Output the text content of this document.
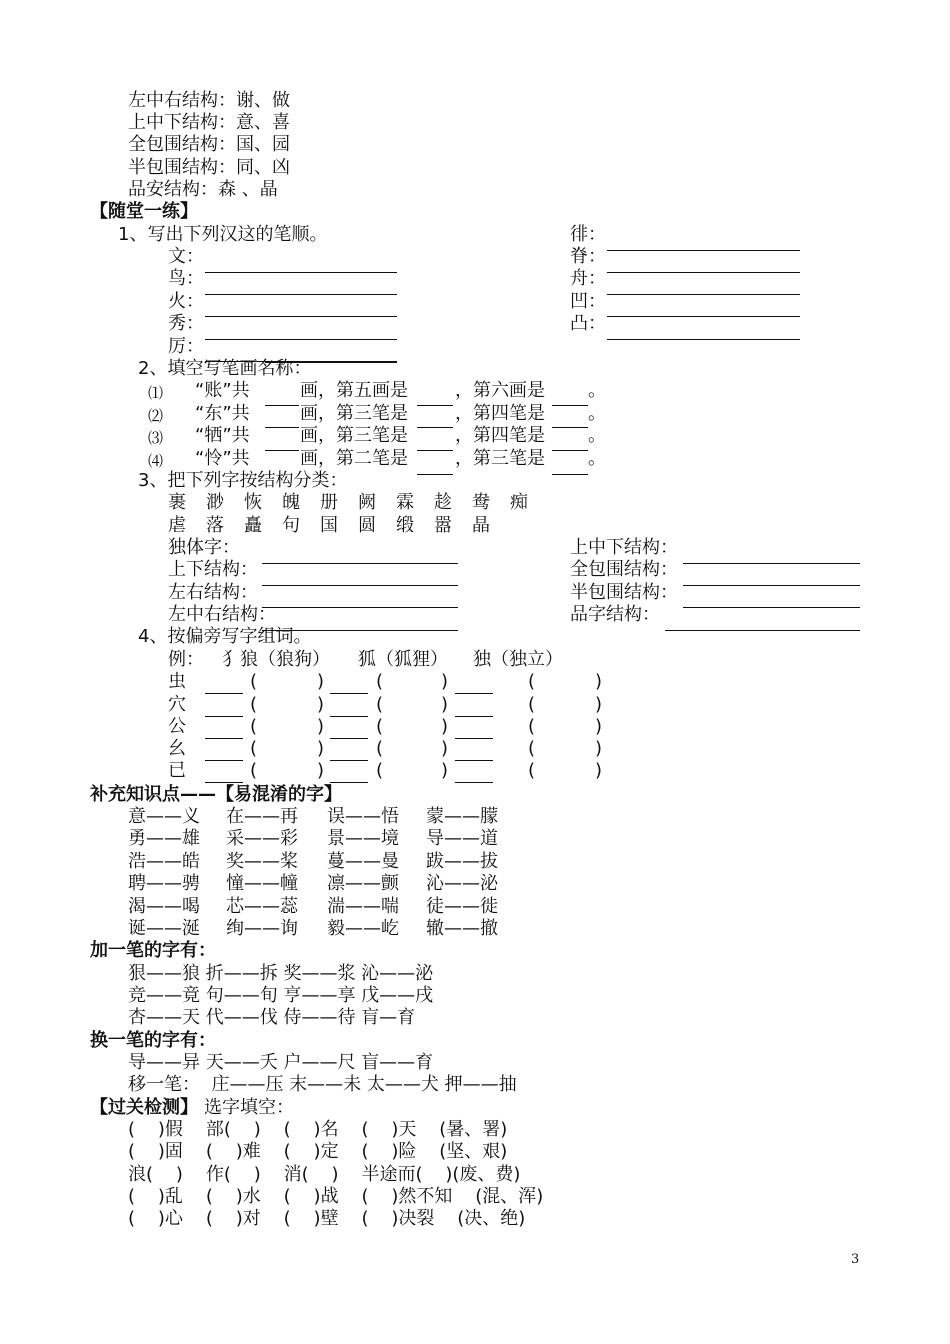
左中右结构：谢、做
上中下结构：意、喜
全包围结构：国、园
半包围结构：同、凶
品安结构：森 、晶
【随堂一练】
1、写出下列汉这的笔顺。
文：
鸟：
火：
秀：
厉：
徘：
脊：
舟：
凹：
凸：
2、填空写笔画名称：
⑴ “账”共	画，第五画是	，第六画是 。
⑵ “东”共	画，第三笔是	，第四笔是 。
⑶ “牺”共	画，第三笔是	，第四笔是 。
⑷ “怜”共	画，第二笔是	，第三笔是 。
3、把下列字按结构分类：
裹 渺 恢 魄 册 阙 霖 趁 鸯 痴
虐 落 矗 句 国 圆 缎 嚣 晶
独体字：
上下结构：
左右结构：
左中右结构：
上中下结构：
全包围结构：
半包围结构：
品字结构：
4、按偏旁写字组词。
例： 犭狼（狼狗） 狐（狐狸） 独（独立）
虫	(	)	(	)	(	)
穴	(	)	(	)	(	)
公	(	)	(	)	(	)
幺	(	)	(	)	(	)
已	(	)	(	)	(	)
补充知识点——【易混淆的字】
意——义 在——再 误——悟 蒙——朦
勇——雄 采——彩 景——境 导——道
浩——皓 奖——桨 蔓——曼 跋——拔
聘——骋 憧——幢 凛——颤 沁——泌
渴——喝 芯——蕊 湍——喘 徒——徙
诞——涎 绚——询 毅——屹 辙——撤
加一笔的字有：
狠——狼 折——拆 奖——浆 沁——泌
竞——竟 句——旬 亨——享 戊——戌
杏——天 代——伐 侍——待 肓—育
换一笔的字有：
导——异 天——夭 户——尺 盲——育
移一笔：  庄——压 末——未 太——犬 押——抽
【过关检测】 选字填空：
(    )假    部(    )    (    )名    (    )天    (暑、署)
(    )固    (    )难    (    )定    (    )险    (坚、艰)
浪(    )    作(    )    消(    )    半途而(    )(废、费)
(    )乱    (    )水    (    )战    (    )然不知    (混、浑)
(    )心    (    )对    (    )壁    (    )决裂    (决、绝)
3
